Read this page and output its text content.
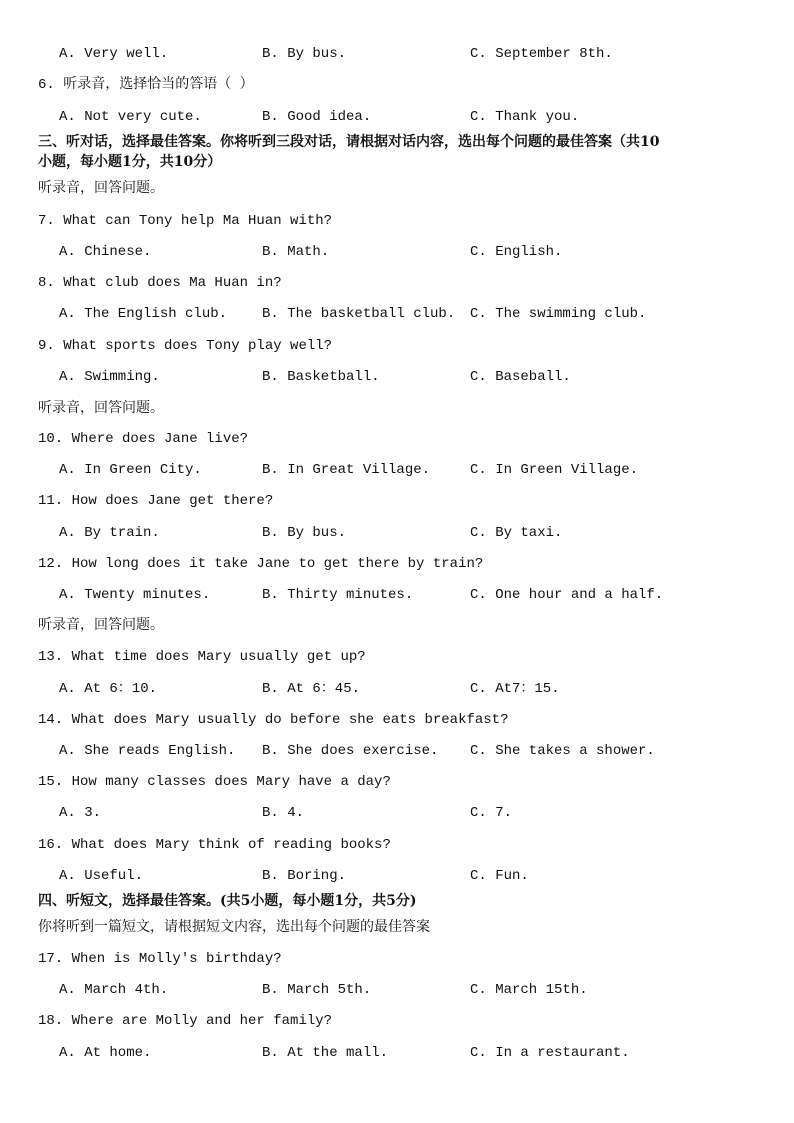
A. Very well.	B. By bus.	C. September 8th.
6. 听录音，选择恰当的答语（ ）
A. Not very cute.	B. Good idea.	C. Thank you.
三、听对话，选择最佳答案。你将听到三段对话，请根据对话内容，选出每个问题的最佳答案（共10
小题，每小题1分，共10分）
听录音，回答问题。
7. What can Tony help Ma Huan with?
A. Chinese.	B. Math.	C. English.
8. What club does Ma Huan in?
A. The English club. B. The basketball club. C. The swimming club.
9. What sports does Tony play well?
A. Swimming.	B. Basketball.	C. Baseball.
听录音，回答问题。
10. Where does Jane live?
A. In Green City.	B. In Great Village.	C. In Green Village.
11. How does Jane get there?
A. By train.	B. By bus.	C. By taxi.
12. How long does it take Jane to get there by train?
A. Twenty minutes.	B. Thirty minutes.	C. One hour and a half.
听录音，回答问题。
13. What time does Mary usually get up?
A. At 6：10.	B. At 6：45.	C. At7：15.
14. What does Mary usually do before she eats breakfast?
A. She reads English. B. She does exercise. C. She takes a shower.
15. How many classes does Mary have a day?
A. 3.	B. 4.	C. 7.
16. What does Mary think of reading books?
A. Useful.	B. Boring.	C. Fun.
四、听短文，选择最佳答案。(共5小题，每小题1分，共5分)
你将听到一篇短文，请根据短文内容，选出每个问题的最佳答案
17. When is Molly's birthday?
A. March 4th.	B. March 5th.	C. March 15th.
18. Where are Molly and her family?
A. At home.	B. At the mall.	C. In a restaurant.
